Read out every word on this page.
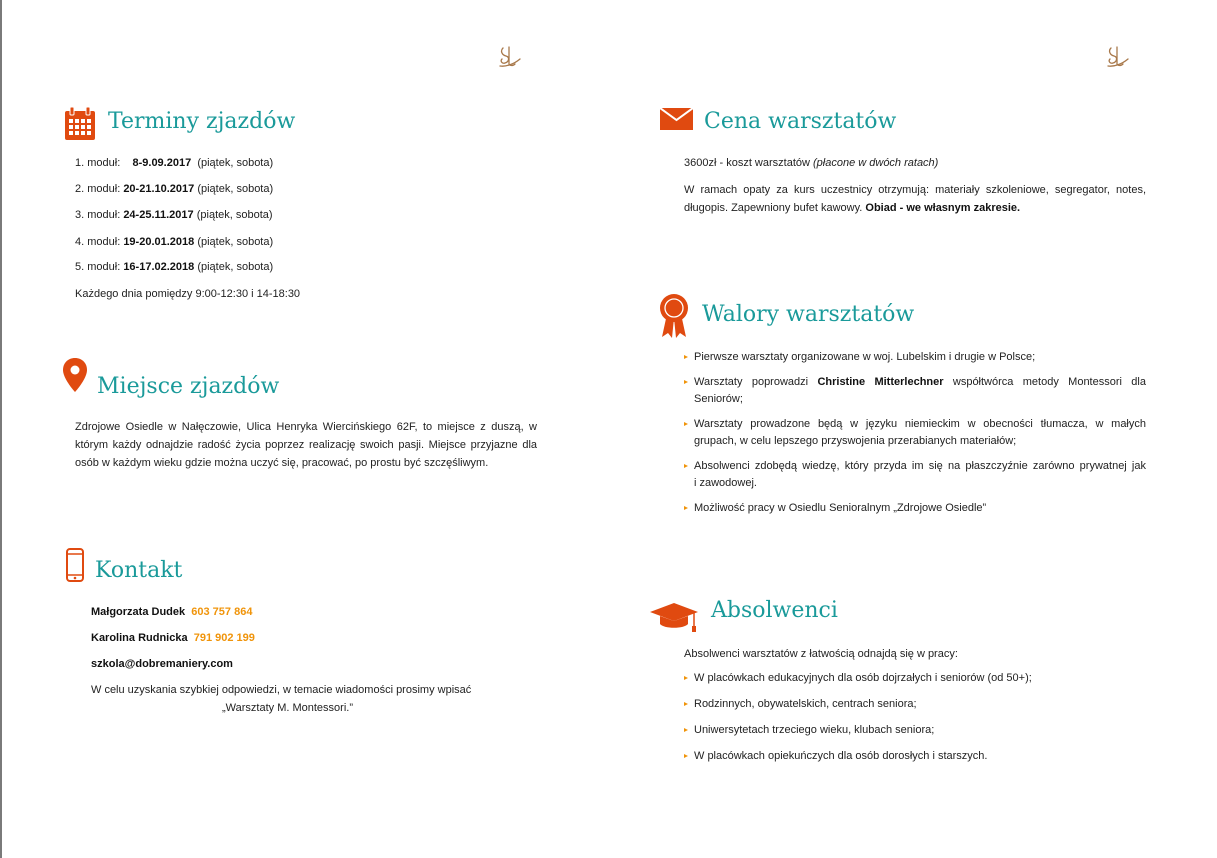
Terminy zjazdów
1. moduł: 8-9.09.2017 (piątek, sobota)
2. moduł: 20-21.10.2017 (piątek, sobota)
3. moduł: 24-25.11.2017 (piątek, sobota)
4. moduł: 19-20.01.2018 (piątek, sobota)
5. moduł: 16-17.02.2018 (piątek, sobota)
Każdego dnia pomiędzy 9:00-12:30 i 14-18:30
Miejsce zjazdów
Zdrojowe Osiedle w Nałęczowie, Ulica Henryka Wiercińskiego 62F, to miejsce z duszą, w
którym każdy odnajdzie radość życia poprzez realizację swoich pasji. Miejsce przyjazne dla
osób w każdym wieku gdzie można uczyć się, pracować, po prostu być szczęśliwym.
Kontakt
Małgorzata Dudek 603 757 864
Karolina Rudnicka 791 902 199
szkola@dobremaniery.com
W celu uzyskania szybkiej odpowiedzi, w temacie wiadomości prosimy wpisać
„Warsztaty M. Montessori.”
Cena warsztatów
3600zł - koszt warsztatów (płacone w dwóch ratach)
W ramach opaty za kurs uczestnicy otrzymują: materiały szkoleniowe, segregator, notes,
długopis. Zapewniony bufet kawowy. Obiad - we własnym zakresie.
Walory warsztatów
Pierwsze warsztaty organizowane w woj. Lubelskim i drugie w Polsce;
Warsztaty poprowadzi Christine Mitterlechner współtwórca metody Montessori dla
Seniorów;
Warsztaty prowadzone będą w języku niemieckim w obecności tłumacza, w małych
grupach, w celu lepszego przyswojenia przerabianych materiałów;
Absolwenci zdobędą wiedzę, który przyda im się na płaszczyźnie zarówno prywatnej jak
i zawodowej.
Możliwość pracy w Osiedlu Senioralnym „Zdrojowe Osiedle”
Absolwenci
Absolwenci warsztatów z łatwością odnajdą się w pracy:
W placówkach edukacyjnych dla osób dojrzałych i seniorów (od 50+);
Rodzinnych, obywatelskich, centrach seniora;
Uniwersytetach trzeciego wieku, klubach seniora;
W placówkach opiekuńczych dla osób dorosłych i starszych.
